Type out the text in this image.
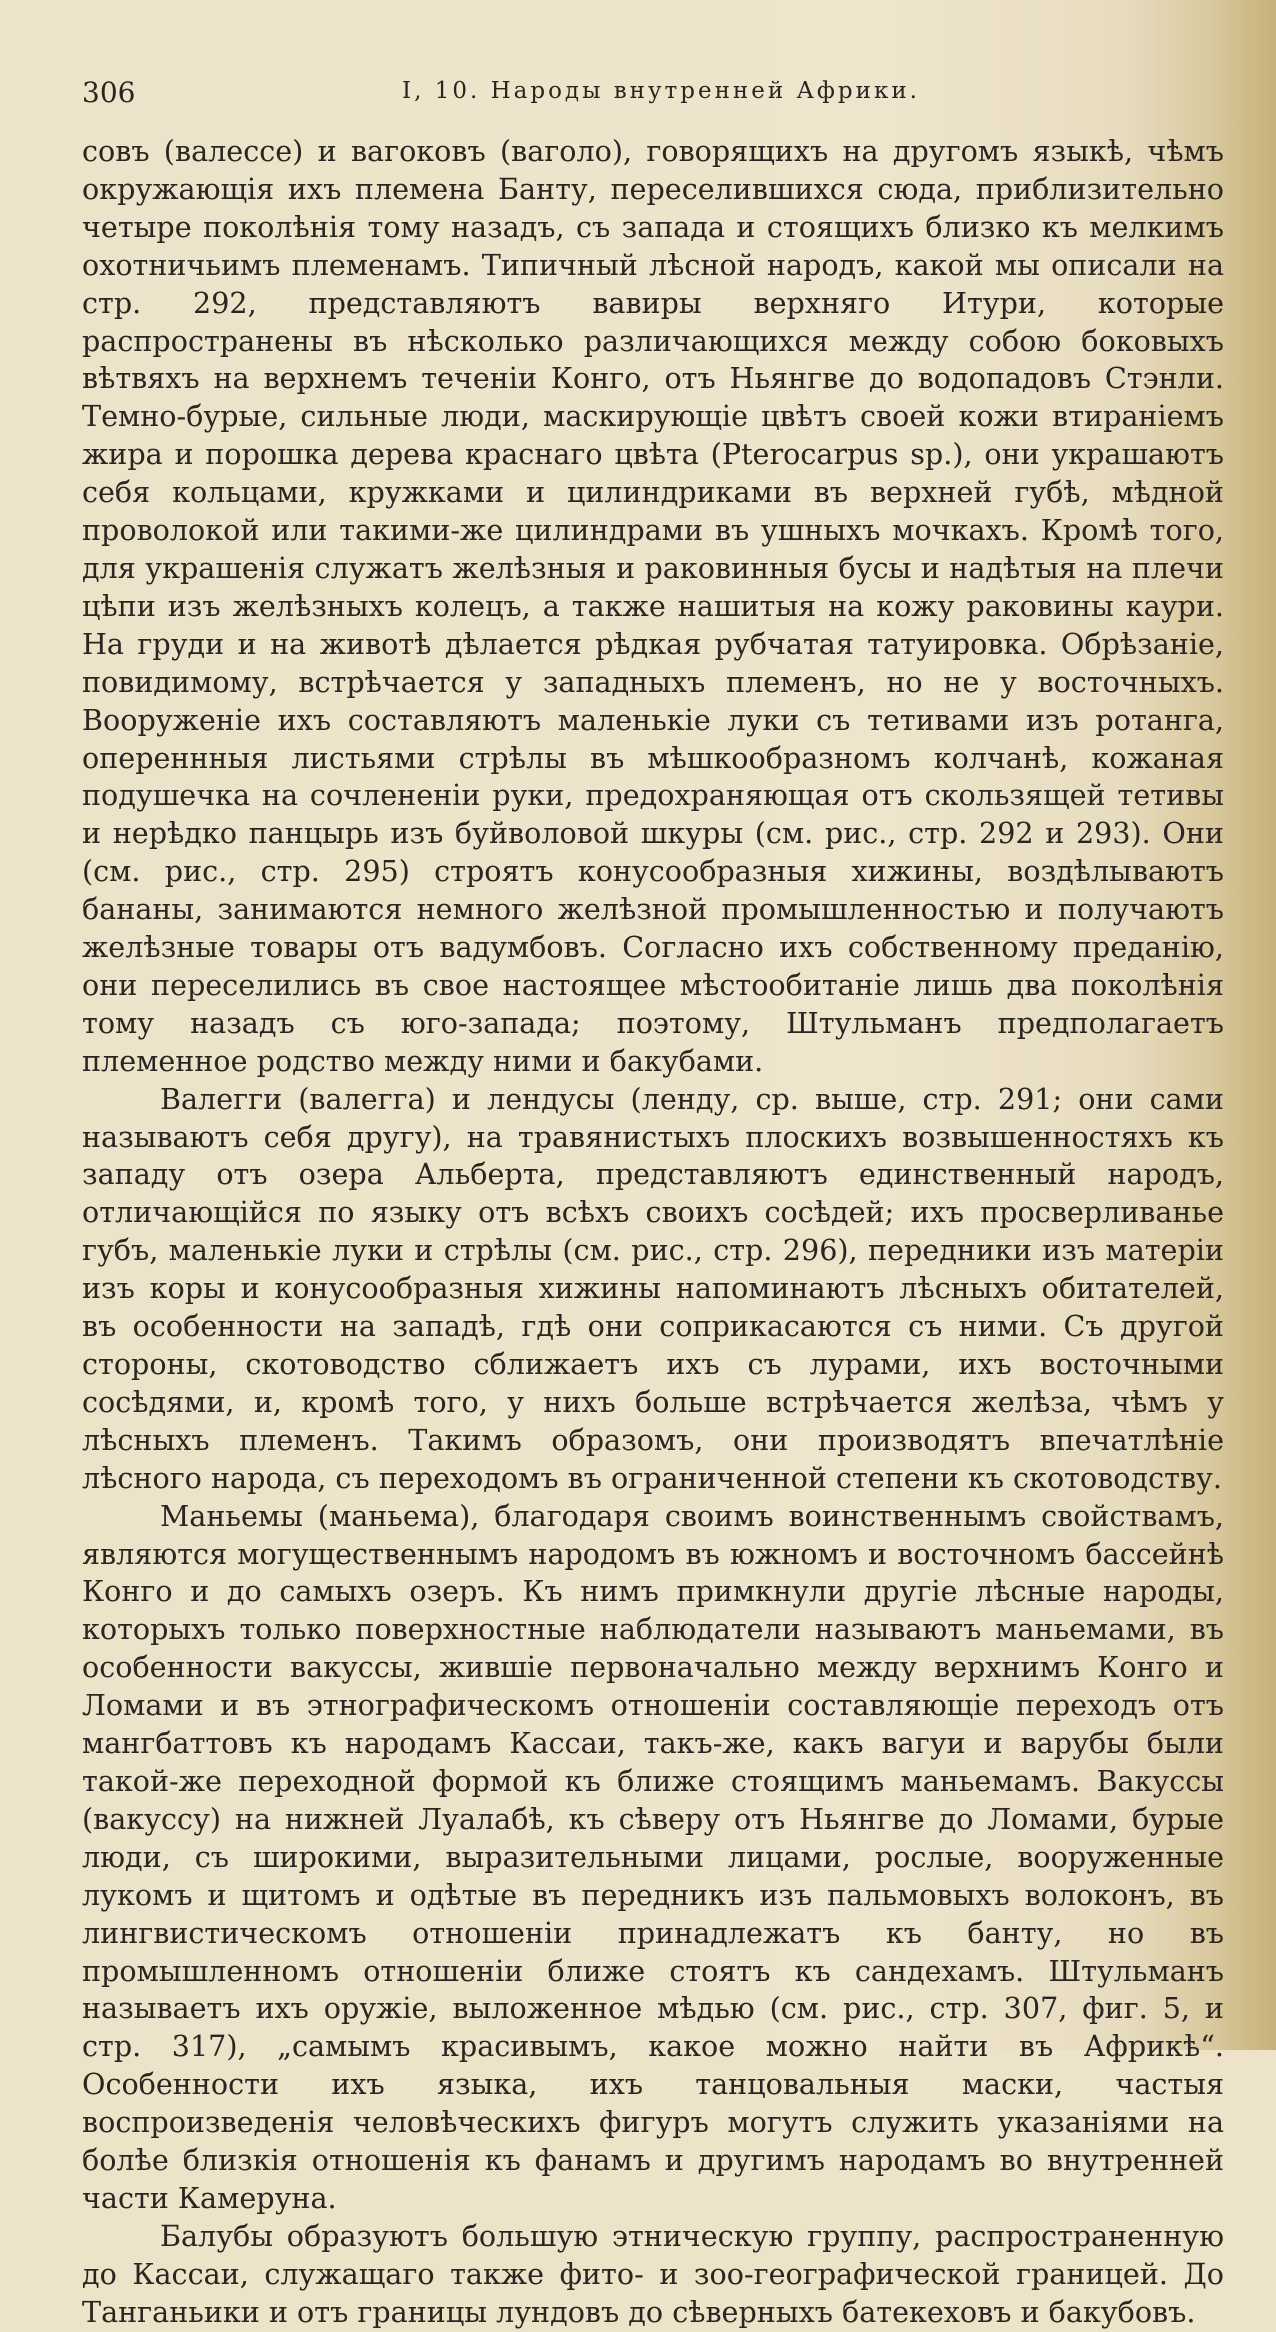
306	I, 10. Народы внутренней Африки.

совъ (валессе) и вагоковъ (ваголо), говорящихъ на другомъ языкѣ, чѣмъ окружающія ихъ племена Банту, переселившихся сюда, приблизительно четыре поколѣнія тому назадъ, съ запада и стоящихъ близко къ мелкимъ охотничьимъ племенамъ. Типичный лѣсной народъ, какой мы описали на стр. 292, представляютъ вавиры верхняго Итури, которые распространены въ нѣсколько различающихся между собою боковыхъ вѣтвяхъ на верхнемъ теченіи Конго, отъ Ньянгве до водопадовъ Стэнли. Темно-бурые, сильные люди, маскирующіе цвѣтъ своей кожи втираніемъ жира и порошка дерева краснаго цвѣта (Pterocarpus sp.), они украшаютъ себя кольцами, кружками и цилиндриками въ верхней губѣ, мѣдной проволокой или такими-же цилиндрами въ ушныхъ мочкахъ. Кромѣ того, для украшенія служатъ желѣзныя и раковинныя бусы и надѣтыя на плечи цѣпи изъ желѣзныхъ колецъ, а также нашитыя на кожу раковины каури. На груди и на животѣ дѣлается рѣдкая рубчатая татуировка. Обрѣзаніе, повидимому, встрѣчается у западныхъ племенъ, но не у восточныхъ. Вооруженіе ихъ составляютъ маленькіе луки съ тетивами изъ ротанга, опереннныя листьями стрѣлы въ мѣшкообразномъ колчанѣ, кожаная подушечка на сочлененіи руки, предохраняющая отъ скользящей тетивы и нерѣдко панцырь изъ буйволовой шкуры (см. рис., стр. 292 и 293). Они (см. рис., стр. 295) строятъ конусообразныя хижины, воздѣлываютъ бананы, занимаются немного желѣзной промышленностью и получаютъ желѣзные товары отъ вадумбовъ. Согласно ихъ собственному преданію, они переселились въ свое настоящее мѣстообитаніе лишь два поколѣнія тому назадъ съ юго-запада; поэтому, Штульманъ предполагаетъ племенное родство между ними и бакубами.

Валегги (валегга) и лендусы (ленду, ср. выше, стр. 291; они сами называютъ себя другу), на травянистыхъ плоскихъ возвышенностяхъ къ западу отъ озера Альберта, представляютъ единственный народъ, отличающійся по языку отъ всѣхъ своихъ сосѣдей; ихъ просверливанье губъ, маленькіе луки и стрѣлы (см. рис., стр. 296), передники изъ матеріи изъ коры и конусообразныя хижины напоминаютъ лѣсныхъ обитателей, въ особенности на западѣ, гдѣ они соприкасаются съ ними. Съ другой стороны, скотоводство сближаетъ ихъ съ лурами, ихъ восточными сосѣдями, и, кромѣ того, у нихъ больше встрѣчается желѣза, чѣмъ у лѣсныхъ племенъ. Такимъ образомъ, они производятъ впечатлѣніе лѣсного народа, съ переходомъ въ ограниченной степени къ скотоводству.

Маньемы (маньема), благодаря своимъ воинственнымъ свойствамъ, являются могущественнымъ народомъ въ южномъ и восточномъ бассейнѣ Конго и до самыхъ озеръ. Къ нимъ примкнули другіе лѣсные народы, которыхъ только поверхностные наблюдатели называютъ маньемами, въ особенности вакуссы, жившіе первоначально между верхнимъ Конго и Ломами и въ этнографическомъ отношеніи составляющіе переходъ отъ мангбаттовъ къ народамъ Кассаи, такъ-же, какъ вагуи и варубы были такой-же переходной формой къ ближе стоящимъ маньемамъ. Вакуссы (вакуссу) на нижней Луалабѣ, къ сѣверу отъ Ньянгве до Ломами, бурые люди, съ широкими, выразительными лицами, рослые, вооруженные лукомъ и щитомъ и одѣтые въ передникъ изъ пальмовыхъ волоконъ, въ лингвистическомъ отношеніи принадлежатъ къ банту, но въ промышленномъ отношеніи ближе стоятъ къ сандехамъ. Штульманъ называетъ ихъ оружіе, выложенное мѣдью (см. рис., стр. 307, фиг. 5, и стр. 317), „самымъ красивымъ, какое можно найти въ Африкѣ“. Особенности ихъ языка, ихъ танцовальныя маски, частыя воспроизведенія человѣческихъ фигуръ могутъ служить указаніями на болѣе близкія отношенія къ фанамъ и другимъ народамъ во внутренней части Камеруна.

Балубы образуютъ большую этническую группу, распространенную до Кассаи, служащаго также фито- и зоо-географической границей. До Танганьики и отъ границы лундовъ до сѣверныхъ батекеховъ и бакубовъ.
